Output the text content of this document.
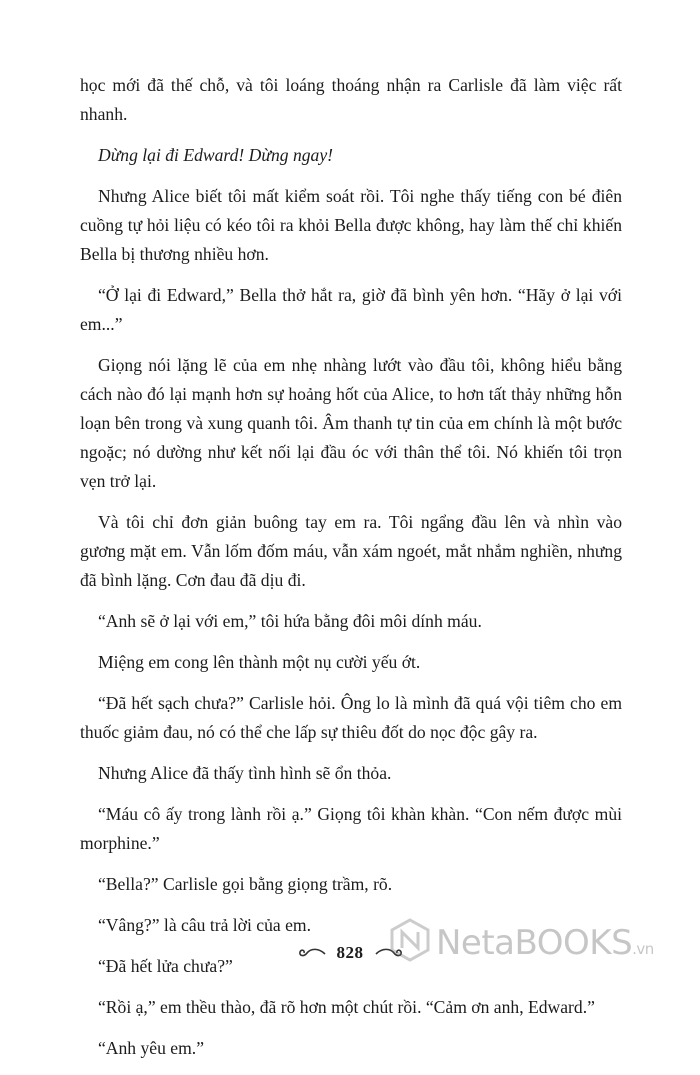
học mới đã thế chỗ, và tôi loáng thoáng nhận ra Carlisle đã làm việc rất nhanh.

Dừng lại đi Edward! Dừng ngay!

Nhưng Alice biết tôi mất kiểm soát rồi. Tôi nghe thấy tiếng con bé điên cuồng tự hỏi liệu có kéo tôi ra khỏi Bella được không, hay làm thế chỉ khiến Bella bị thương nhiều hơn.

“Ở lại đi Edward,” Bella thở hắt ra, giờ đã bình yên hơn. “Hãy ở lại với em...”

Giọng nói lặng lẽ của em nhẹ nhàng lướt vào đầu tôi, không hiểu bằng cách nào đó lại mạnh hơn sự hoảng hốt của Alice, to hơn tất thảy những hỗn loạn bên trong và xung quanh tôi. Âm thanh tự tin của em chính là một bước ngoặc; nó dường như kết nối lại đầu óc với thân thể tôi. Nó khiến tôi trọn vẹn trở lại.

Và tôi chỉ đơn giản buông tay em ra. Tôi ngẩng đầu lên và nhìn vào gương mặt em. Vẫn lốm đốm máu, vẫn xám ngoét, mắt nhắm nghiền, nhưng đã bình lặng. Cơn đau đã dịu đi.

“Anh sẽ ở lại với em,” tôi hứa bằng đôi môi dính máu.

Miệng em cong lên thành một nụ cười yếu ớt.

“Đã hết sạch chưa?” Carlisle hỏi. Ông lo là mình đã quá vội tiêm cho em thuốc giảm đau, nó có thể che lấp sự thiêu đốt do nọc độc gây ra.

Nhưng Alice đã thấy tình hình sẽ ổn thỏa.

“Máu cô ấy trong lành rồi ạ.” Giọng tôi khàn khàn. “Con nếm được mùi morphine.”

“Bella?” Carlisle gọi bằng giọng trầm, rõ.

“Vâng?” là câu trả lời của em.

“Đã hết lửa chưa?”

“Rồi ạ,” em thều thào, đã rõ hơn một chút rồi. “Cảm ơn anh, Edward.”

“Anh yêu em.”

828 NetaBOOKS.vn
